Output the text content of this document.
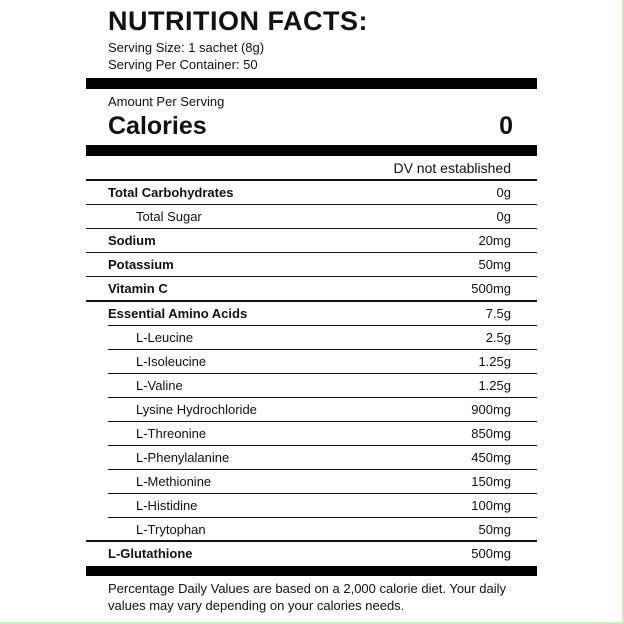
NUTRITION FACTS:
Serving Size: 1 sachet (8g)
Serving Per Container: 50
Amount Per Serving
Calories	0
DV not established
Total Carbohydrates	0g
Total Sugar	0g
Sodium	20mg
Potassium	50mg
Vitamin C	500mg
Essential Amino Acids	7.5g
L-Leucine	2.5g
L-Isoleucine	1.25g
L-Valine	1.25g
Lysine Hydrochloride	900mg
L-Threonine	850mg
L-Phenylalanine	450mg
L-Methionine	150mg
L-Histidine	100mg
L-Trytophan	50mg
L-Glutathione	500mg
Percentage Daily Values are based on a 2,000 calorie diet. Your daily values may vary depending on your calories needs.
